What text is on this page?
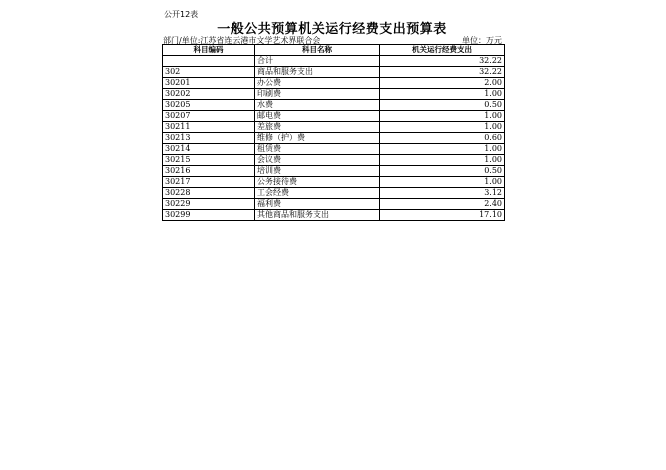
公开12表
一般公共预算机关运行经费支出预算表
部门/单位:江苏省连云港市文学艺术界联合会	单位：万元
科目编码	科目名称	机关运行经费支出
	合计	32.22
302	商品和服务支出	32.22
30201	办公费	2.00
30202	印刷费	1.00
30205	水费	0.50
30207	邮电费	1.00
30211	差旅费	1.00
30213	维修（护）费	0.60
30214	租赁费	1.00
30215	会议费	1.00
30216	培训费	0.50
30217	公务接待费	1.00
30228	工会经费	3.12
30229	福利费	2.40
30299	其他商品和服务支出	17.10
